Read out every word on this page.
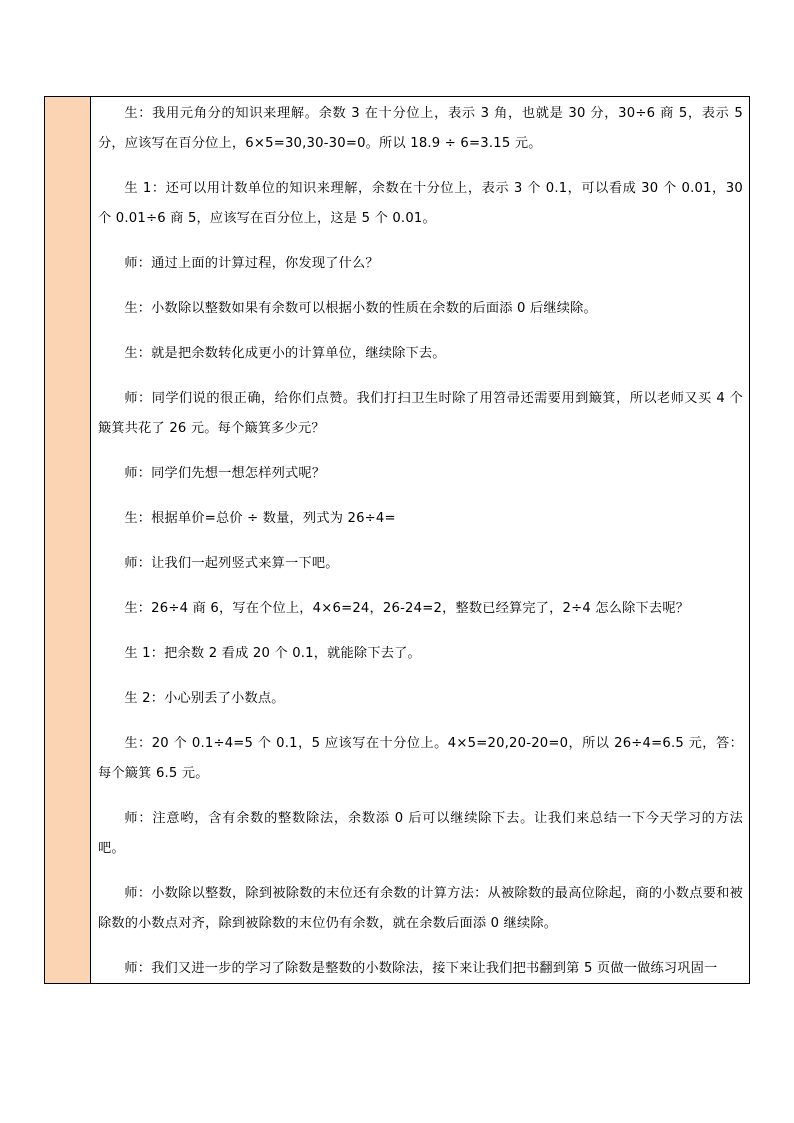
生：我用元角分的知识来理解。余数 3 在十分位上，表示 3 角，也就是 30 分，30÷6 商 5，表示 5 分，应该写在百分位上，6×5=30,30-30=0。所以 18.9 ÷ 6=3.15 元。

生 1：还可以用计数单位的知识来理解，余数在十分位上，表示 3 个 0.1，可以看成 30 个 0.01，30 个 0.01÷6 商 5，应该写在百分位上，这是 5 个 0.01。

师：通过上面的计算过程，你发现了什么？

生：小数除以整数如果有余数可以根据小数的性质在余数的后面添 0 后继续除。

生：就是把余数转化成更小的计算单位，继续除下去。

师：同学们说的很正确，给你们点赞。我们打扫卫生时除了用笤帚还需要用到簸箕，所以老师又买 4 个簸箕共花了 26 元。每个簸箕多少元？

师：同学们先想一想怎样列式呢？

生：根据单价=总价 ÷ 数量，列式为 26÷4=

师：让我们一起列竖式来算一下吧。

生：26÷4 商 6，写在个位上，4×6=24，26-24=2，整数已经算完了，2÷4 怎么除下去呢？

生 1：把余数 2 看成 20 个 0.1，就能除下去了。

生 2：小心别丢了小数点。

生：20 个 0.1÷4=5 个 0.1，5 应该写在十分位上。4×5=20,20-20=0，所以 26÷4=6.5 元，答：每个簸箕 6.5 元。

师：注意哟，含有余数的整数除法，余数添 0 后可以继续除下去。让我们来总结一下今天学习的方法吧。

师：小数除以整数，除到被除数的末位还有余数的计算方法：从被除数的最高位除起，商的小数点要和被除数的小数点对齐，除到被除数的末位仍有余数，就在余数后面添 0 继续除。

师：我们又进一步的学习了除数是整数的小数除法，接下来让我们把书翻到第 5 页做一做练习巩固一
